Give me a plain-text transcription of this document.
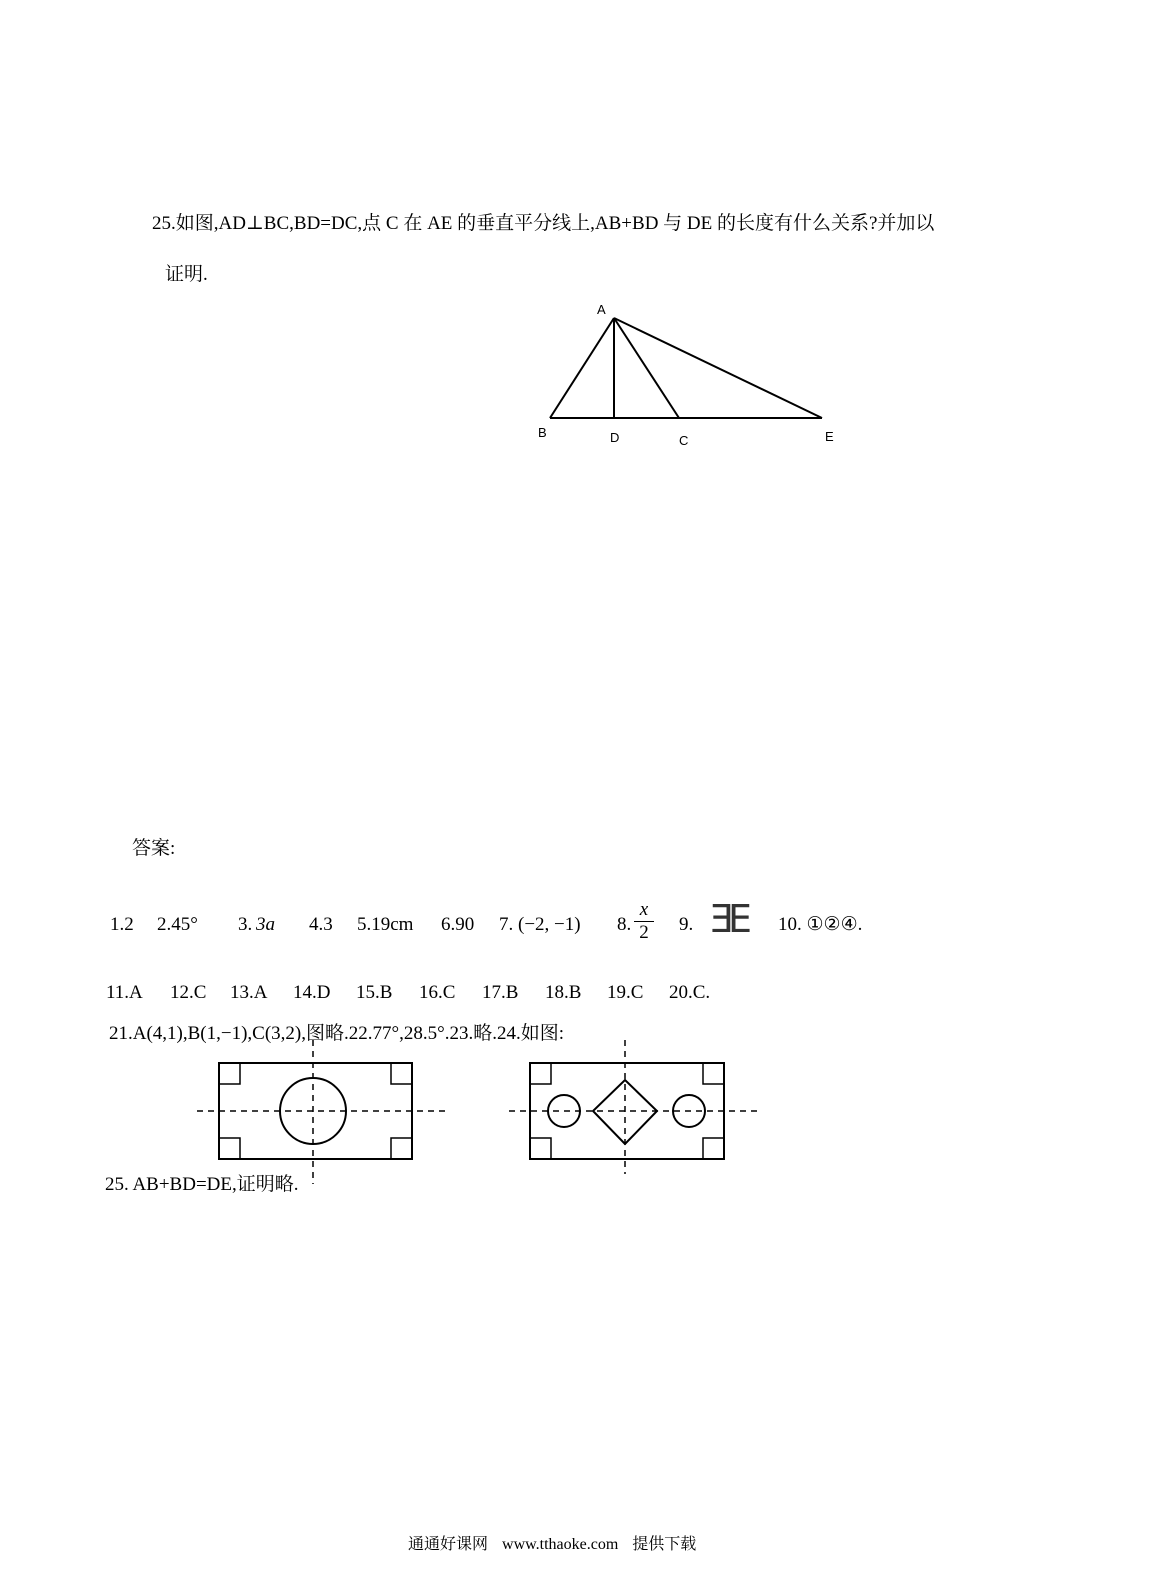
25.如图,AD⊥BC,BD=DC,点 C 在 AE 的垂直平分线上,AB+BD 与 DE 的长度有什么关系?并加以
证明.
A
B	D	C	E
答案:
1.2 2.45° 3. 3a 4.3 5.19cm 6.90 7. (−2, −1) 8.
x
2 9. ƎE 10. ①②④.
11.A 12.C 13.A 14.D 15.B 16.C 17.B 18.B 19.C 20.C.
21.A(4,1),B(1,−1),C(3,2),图略.22.77°,28.5°.23.略.24.如图:
25. AB+BD=DE,证明略.
通通好课网 www.tthaoke.com 提供下载
